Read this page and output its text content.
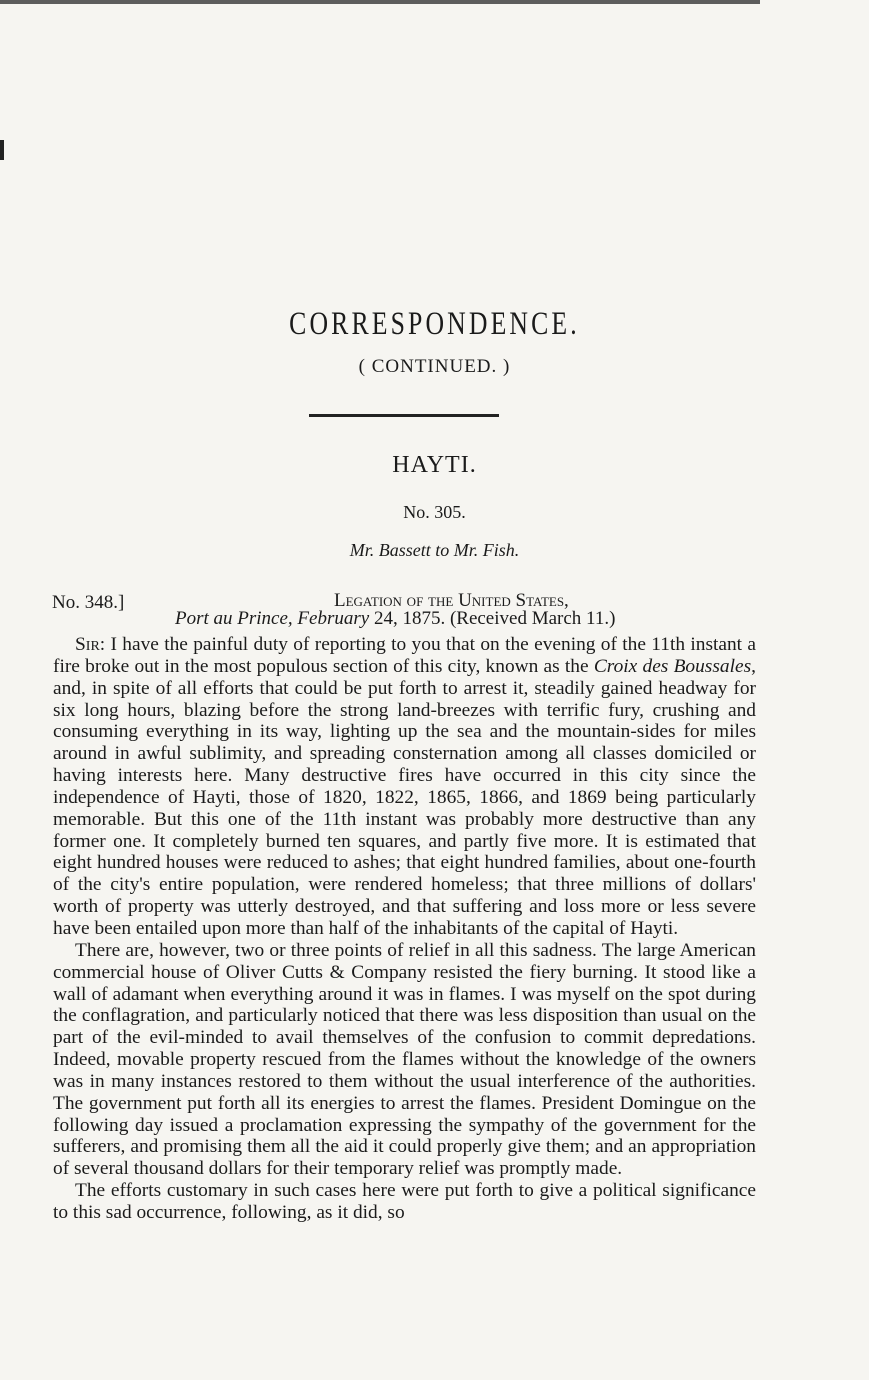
CORRESPONDENCE.
( CONTINUED. )
HAYTI.
No. 305.
Mr. Bassett to Mr. Fish.
No. 348.]	Legation of the United States,
Port au Prince, February 24, 1875. (Received March 11.)

Sir: I have the painful duty of reporting to you that on the evening of the 11th instant a fire broke out in the most populous section of this city, known as the Croix des Boussales, and, in spite of all efforts that could be put forth to arrest it, steadily gained headway for six long hours, blazing before the strong land-breezes with terrific fury, crushing and consuming everything in its way, lighting up the sea and the mountain-sides for miles around in awful sublimity, and spreading consternation among all classes domiciled or having interests here. Many destructive fires have occurred in this city since the independence of Hayti, those of 1820, 1822, 1865, 1866, and 1869 being particularly memorable. But this one of the 11th instant was probably more destructive than any former one. It completely burned ten squares, and partly five more. It is estimated that eight hundred houses were reduced to ashes; that eight hundred families, about one-fourth of the city's entire population, were rendered homeless; that three millions of dollars' worth of property was utterly destroyed, and that suffering and loss more or less severe have been entailed upon more than half of the inhabitants of the capital of Hayti.

There are, however, two or three points of relief in all this sadness. The large American commercial house of Oliver Cutts & Company resisted the fiery burning. It stood like a wall of adamant when everything around it was in flames. I was myself on the spot during the conflagration, and particularly noticed that there was less disposition than usual on the part of the evil-minded to avail themselves of the confusion to commit depredations. Indeed, movable property rescued from the flames without the knowledge of the owners was in many instances restored to them without the usual interference of the authorities. The government put forth all its energies to arrest the flames. President Domingue on the following day issued a proclamation expressing the sympathy of the government for the sufferers, and promising them all the aid it could properly give them; and an appropriation of several thousand dollars for their temporary relief was promptly made.

The efforts customary in such cases here were put forth to give a political significance to this sad occurrence, following, as it did, so
